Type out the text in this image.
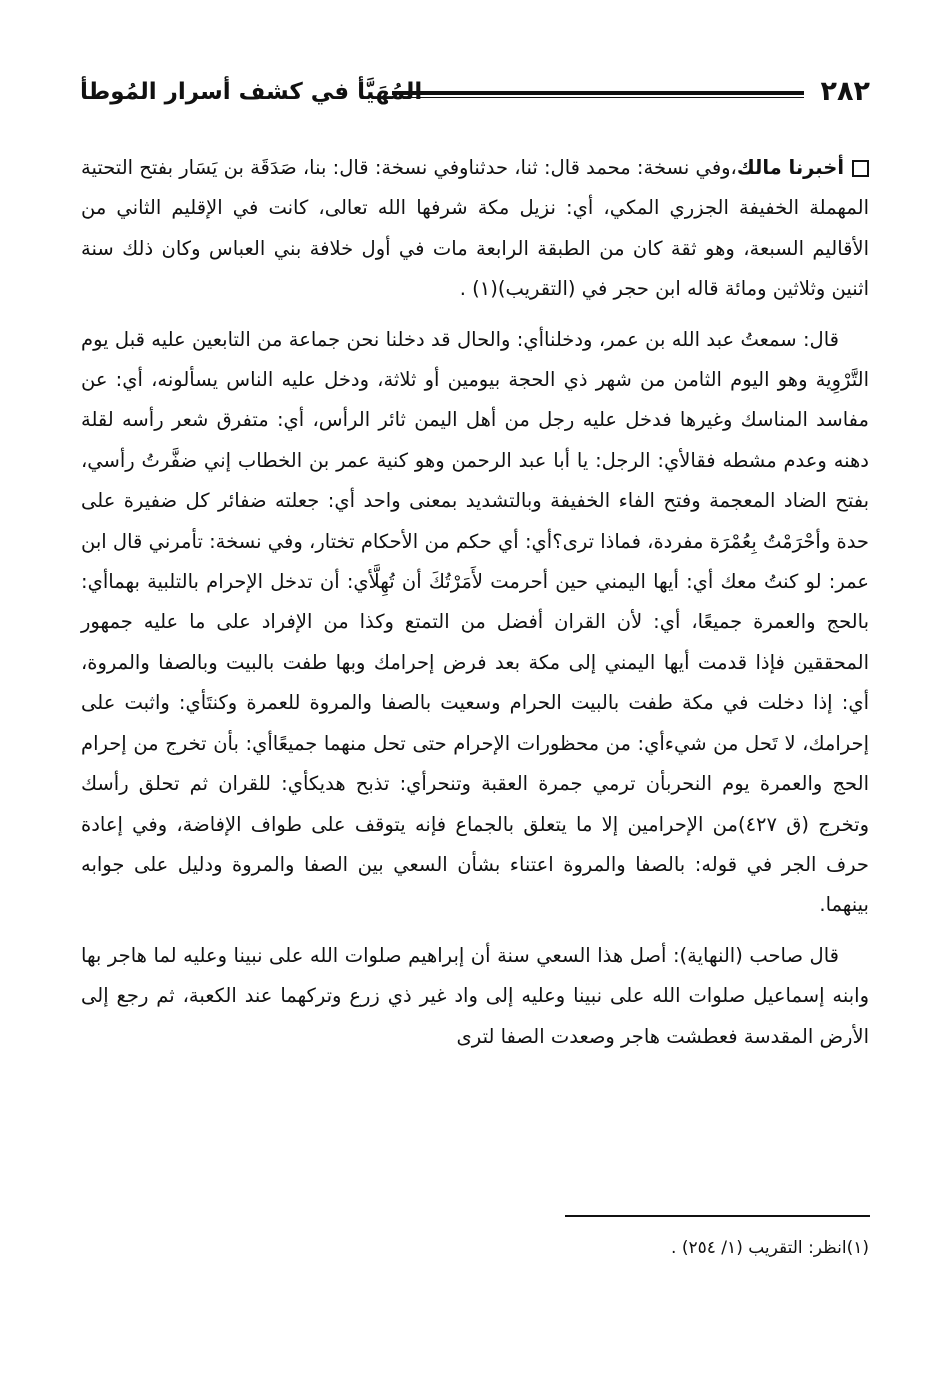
٢٨٢
المُهَيَّأ في كشف أسرار المُوطأ

أخبرنا مالك،وفي نسخة: محمد قال: ثنا، حدثناوفي نسخة: قال: بنا، صَدَقَة بن يَسَار بفتح التحتية المهملة الخفيفة الجزري المكي، أي: نزيل مكة شرفها الله تعالى، كانت في الإقليم الثاني من الأقاليم السبعة، وهو ثقة كان من الطبقة الرابعة مات في أول خلافة بني العباس وكان ذلك سنة اثنين وثلاثين ومائة قاله ابن حجر في (التقريب)(١) .

قال: سمعتُ عبد الله بن عمر، ودخلناأي: والحال قد دخلنا نحن جماعة من التابعين عليه قبل يوم التَّرْوِية وهو اليوم الثامن من شهر ذي الحجة بيومين أو ثلاثة، ودخل عليه الناس يسألونه، أي: عن مفاسد المناسك وغيرها فدخل عليه رجل من أهل اليمن ثائر الرأس، أي: متفرق شعر رأسه لقلة دهنه وعدم مشطه فقالأي: الرجل: يا أبا عبد الرحمن وهو كنية عمر بن الخطاب إني ضفَّرتُ رأسي، بفتح الضاد المعجمة وفتح الفاء الخفيفة وبالتشديد بمعنى واحد أي: جعلته ضفائر كل ضفيرة على حدة وأحْرَمْتُ بِعُمْرَة مفردة، فماذا ترى؟أي: أي حكم من الأحكام تختار، وفي نسخة: تأمرني قال ابن عمر: لو كنتُ معك أي: أيها اليمني حين أحرمت لأَمَرْتُكَ أن تُهِلَّأي: أن تدخل الإحرام بالتلبية بهماأي: بالحج والعمرة جميعًا، أي: لأن القران أفضل من التمتع وكذا من الإفراد على ما عليه جمهور المحققين فإذا قدمت أيها اليمني إلى مكة بعد فرض إحرامك وبها طفت بالبيت وبالصفا والمروة، أي: إذا دخلت في مكة طفت بالبيت الحرام وسعيت بالصفا والمروة للعمرة وكنتَأي: واثبت على إحرامك، لا تَحل من شيءأي: من محظورات الإحرام حتى تحل منهما جميعًاأي: بأن تخرج من إحرام الحج والعمرة يوم النحربأن ترمي جمرة العقبة وتنحرأي: تذبح هديكأي: للقران ثم تحلق رأسك وتخرج (ق ٤٢٧)من الإحرامين إلا ما يتعلق بالجماع فإنه يتوقف على طواف الإفاضة، وفي إعادة حرف الجر في قوله: بالصفا والمروة اعتناء بشأن السعي بين الصفا والمروة ودليل على جوابه بينهما.

قال صاحب (النهاية): أصل هذا السعي سنة أن إبراهيم صلوات الله على نبينا وعليه لما هاجر بها وابنه إسماعيل صلوات الله على نبينا وعليه إلى واد غير ذي زرع وتركهما عند الكعبة، ثم رجع إلى الأرض المقدسة فعطشت هاجر وصعدت الصفا لترى

(١)انظر: التقريب (١/ ٢٥٤) .
